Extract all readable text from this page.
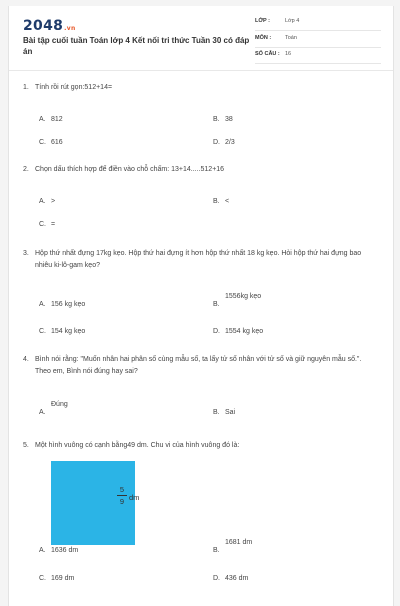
2048.vn
Bài tập cuối tuần Toán lớp 4 Kết nối tri thức Tuần 30 có đáp án
LỚP :	Lớp 4
MÔN :	Toán
SỐ CÂU : 16
1. Tính rồi rút gọn:512+14=
A. 812	B. 38
C. 616	D. 2/3
2. Chọn dấu thích hợp để điền vào chỗ chấm: 13+14.....512+16
A. >	B. <
C. =
3. Hộp thứ nhất đựng 17kg kẹo. Hộp thứ hai đựng ít hơn hộp thứ nhất 18 kg kẹo. Hỏi hộp thứ hai đựng bao nhiêu ki-lô-gam kẹo?
A. 156 kg kẹo	B.1556kg kẹo
C. 154 kg kẹo	D. 1554 kg kẹo
4. Bình nói rằng: "Muốn nhân hai phân số cùng mẫu số, ta lấy tử số nhân với tử số và giữ nguyên mẫu số.". Theo em, Bình nói đúng hay sai?
A.Đúng
B. Sai
5. Một hình vuông có cạnh bằng49 dm. Chu vi của hình vuông đó là:
5
9 dm
A. 1636 dm	B.1681 dm
C. 169 dm	D. 436 dm
